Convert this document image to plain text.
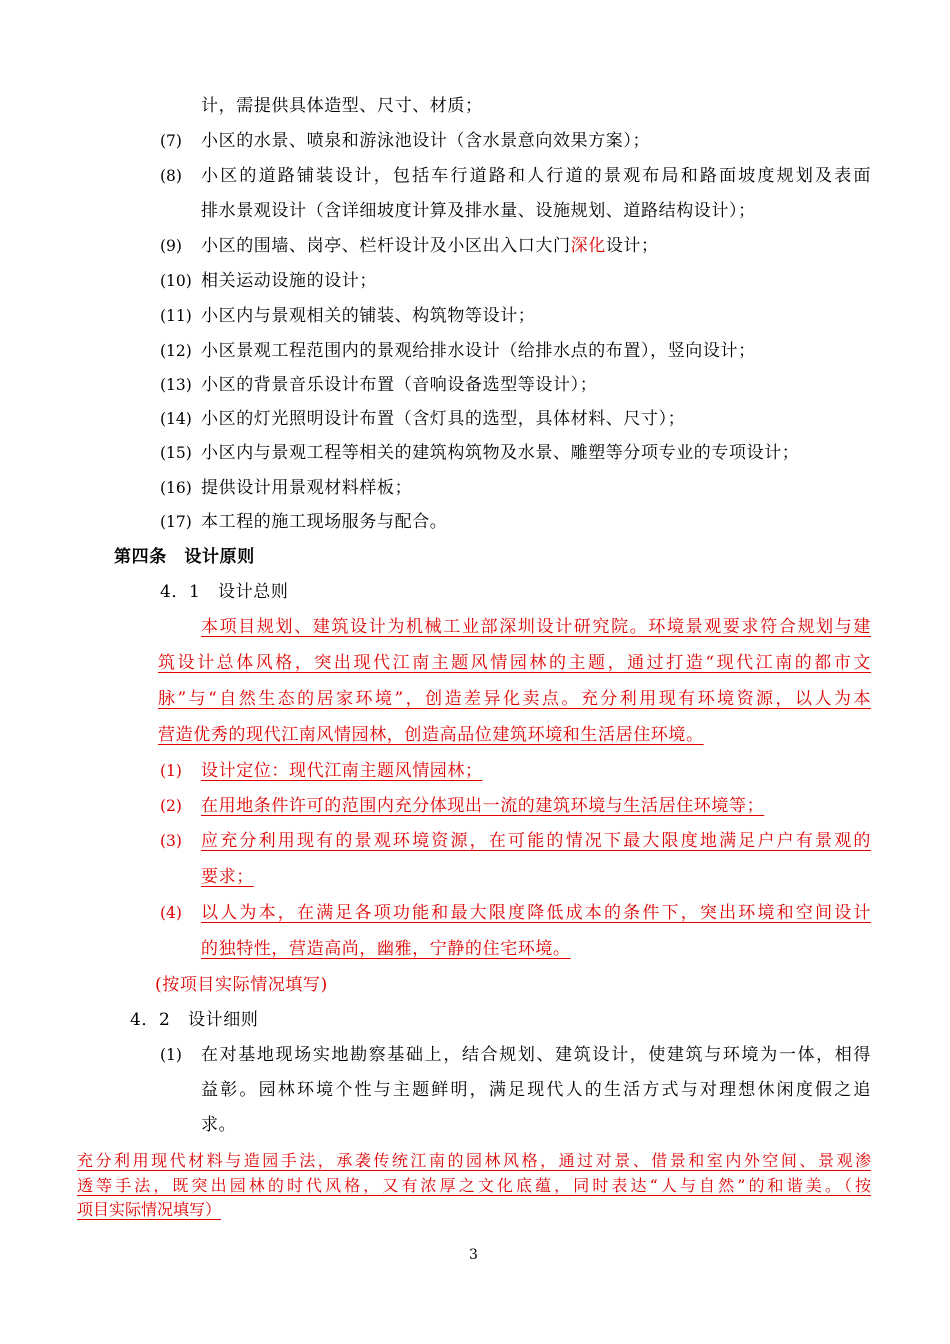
计，需提供具体造型、尺寸、材质；
(7) 小区的水景、喷泉和游泳池设计（含水景意向效果方案）；
(8) 小区的道路铺装设计，包括车行道路和人行道的景观布局和路面坡度规划及表面
排水景观设计（含详细坡度计算及排水量、设施规划、道路结构设计）；
(9) 小区的围墙、岗亭、栏杆设计及小区出入口大门深化设计；
(10) 相关运动设施的设计；
(11) 小区内与景观相关的铺装、构筑物等设计；
(12) 小区景观工程范围内的景观给排水设计（给排水点的布置），竖向设计；
(13) 小区的背景音乐设计布置（音响设备选型等设计）；
(14) 小区的灯光照明设计布置（含灯具的选型，具体材料、尺寸）；
(15) 小区内与景观工程等相关的建筑构筑物及水景、雕塑等分项专业的专项设计；
(16) 提供设计用景观材料样板；
(17) 本工程的施工现场服务与配合。
第四条　设计原则
4．1　设计总则
本项目规划、建筑设计为机械工业部深圳设计研究院。环境景观要求符合规划与建
筑设计总体风格，突出现代江南主题风情园林的主题，通过打造“现代江南的都市文
脉”与“自然生态的居家环境”，创造差异化卖点。充分利用现有环境资源，以人为本
营造优秀的现代江南风情园林，创造高品位建筑环境和生活居住环境。
(1) 设计定位：现代江南主题风情园林；
(2) 在用地条件许可的范围内充分体现出一流的建筑环境与生活居住环境等；
(3) 应充分利用现有的景观环境资源，在可能的情况下最大限度地满足户户有景观的
要求；
(4) 以人为本，在满足各项功能和最大限度降低成本的条件下，突出环境和空间设计
的独特性，营造高尚，幽雅，宁静的住宅环境。
(按项目实际情况填写)
4．2　设计细则
(1) 在对基地现场实地勘察基础上，结合规划、建筑设计，使建筑与环境为一体，相得
益彰。园林环境个性与主题鲜明，满足现代人的生活方式与对理想休闲度假之追
求。
充分利用现代材料与造园手法，承袭传统江南的园林风格，通过对景、借景和室内外空间、景观渗
透等手法，既突出园林的时代风格，又有浓厚之文化底蕴，同时表达“人与自然”的和谐美。（按
项目实际情况填写）
3
